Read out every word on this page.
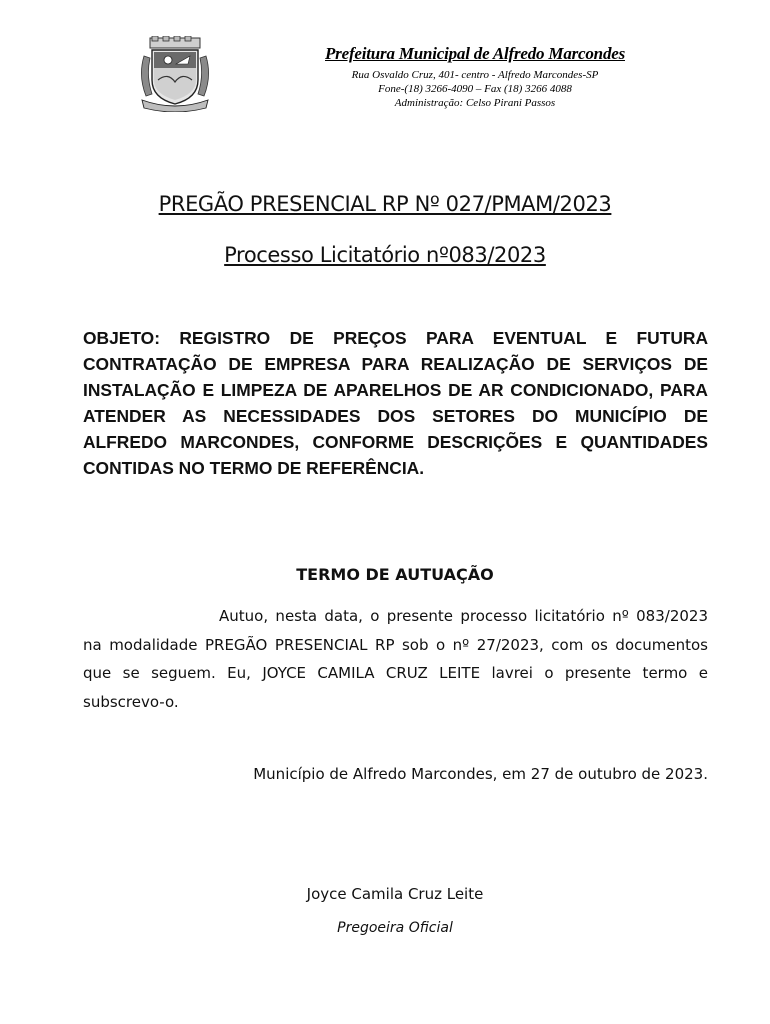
Prefeitura Municipal de Alfredo Marcondes
Rua Osvaldo Cruz, 401- centro - Alfredo Marcondes-SP
Fone-(18) 3266-4090 – Fax (18) 3266 4088
Administração: Celso Pirani Passos
PREGÃO PRESENCIAL RP Nº 027/PMAM/2023
Processo Licitatório nº083/2023
OBJETO: REGISTRO DE PREÇOS PARA EVENTUAL E FUTURA CONTRATAÇÃO DE EMPRESA PARA REALIZAÇÃO DE SERVIÇOS DE INSTALAÇÃO E LIMPEZA DE APARELHOS DE AR CONDICIONADO, PARA ATENDER AS NECESSIDADES DOS SETORES DO MUNICÍPIO DE ALFREDO MARCONDES, CONFORME DESCRIÇÕES E QUANTIDADES CONTIDAS NO TERMO DE REFERÊNCIA.
TERMO DE AUTUAÇÃO
Autuo, nesta data, o presente processo licitatório nº 083/2023 na modalidade PREGÃO PRESENCIAL RP sob o nº 27/2023, com os documentos que se seguem. Eu, JOYCE CAMILA CRUZ LEITE lavrei o presente termo e subscrevo-o.
Município de Alfredo Marcondes, em 27 de outubro de 2023.
Joyce Camila Cruz Leite
Pregoeira Oficial
